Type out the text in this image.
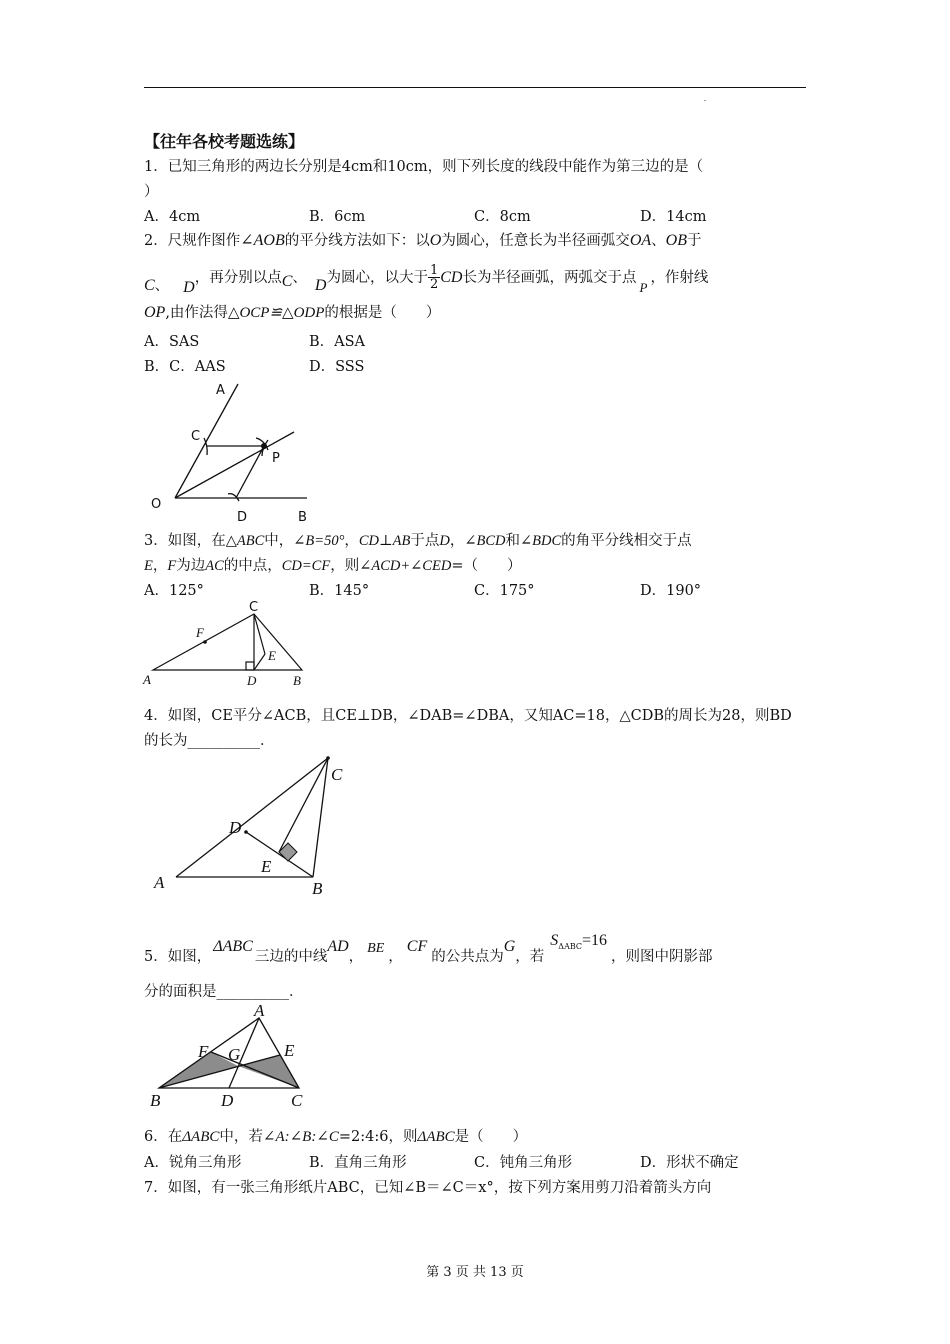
【往年各校考题选练】
1．已知三角形的两边长分别是4cm和10cm，则下列长度的线段中能作为第三边的是（
）
A．4cm	B．6cm	C．8cm	D．14cm
2．尺规作图作∠AOB的平分线方法如下：以O为圆心，任意长为半径画弧交OA、OB于
C 、 D
，再分别以点 C 、 D 为圆心，以大于 $\frac{1}{2}$ CD 长为半径画弧，两弧交于点
P
，作射线
OP,由作法得△OCP≌△ODP的根据是（　　）
A．SAS	B．ASA
B．C．AAS	D．SSS
A
C
P
O
D	B
3．如图，在△ABC中，∠B=50°，CD⊥AB于点D，∠BCD和∠BDC的角平分线相交于点
E，F为边AC的中点，CD=CF，则∠ACD+∠CED=（　　）
A．125°	B．145°	C．175°	D．190°
C
F
E
A	D	B
4．如图，CE平分∠ACB，且CE⊥DB，∠DAB=∠DBA，又知AC=18，△CDB的周长为28，则BD
的长为__________．
C
D
E
A	B
5．如图，
ΔABC
三边的中线
AD
，
BE
，
CF
的公共点为
G
，若
$S_{\Delta ABC}=16$
，则图中阴影部
分的面积是__________．
A
F G	E
B	D	C
6．在ΔABC中，若∠A:∠B:∠C=2:4:6，则ΔABC是（　　）
A．锐角三角形	B．直角三角形	C．钝角三角形	D．形状不确定
7．如图，有一张三角形纸片ABC，已知∠B＝∠C＝x°，按下列方案用剪刀沿着箭头方向
第 3 页 共 13 页
